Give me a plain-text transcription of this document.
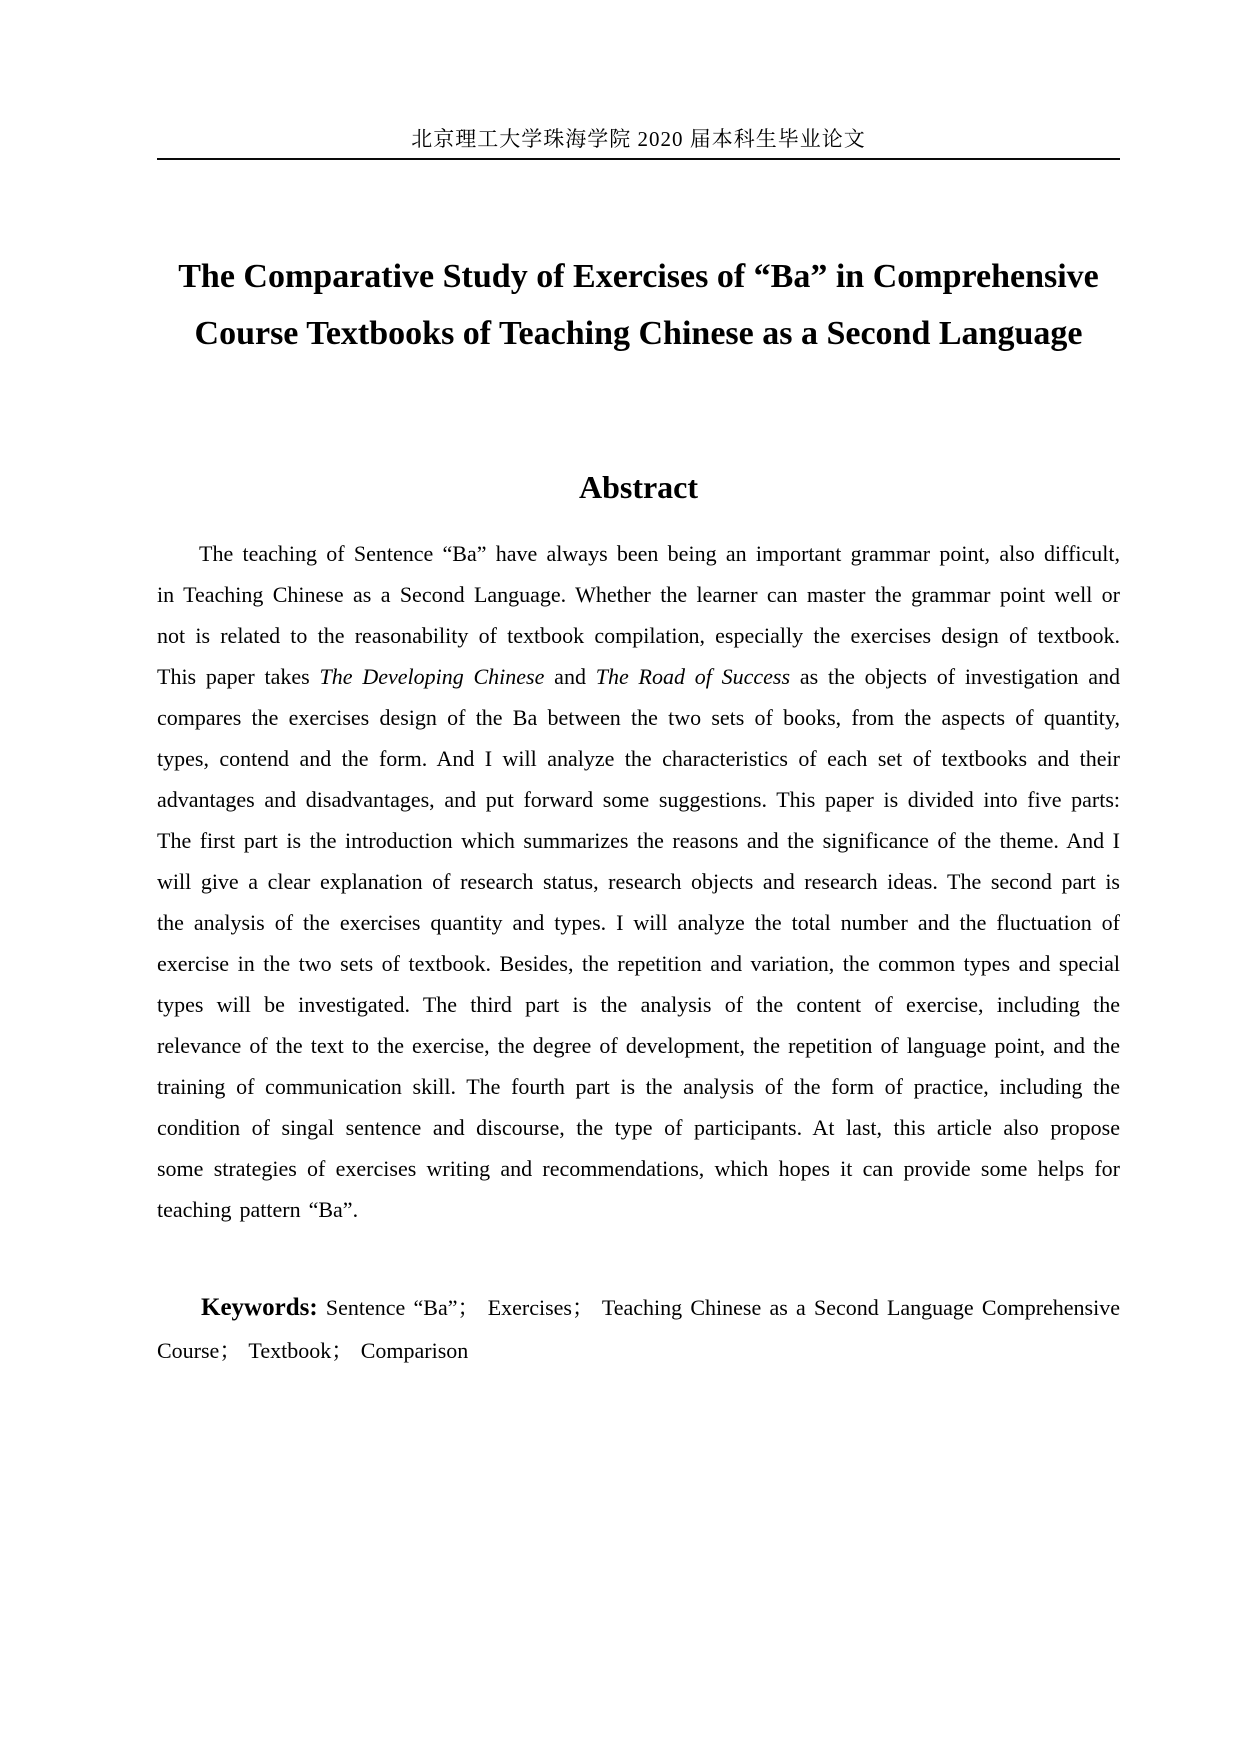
北京理工大学珠海学院 2020 届本科生毕业论文
The Comparative Study of Exercises of “Ba” in Comprehensive
Course Textbooks of Teaching Chinese as a Second Language
Abstract

The teaching of Sentence “Ba” have always been being an important grammar point, also difficult, in Teaching Chinese as a Second Language. Whether the learner can master the grammar point well or not is related to the reasonability of textbook compilation, especially the exercises design of textbook. This paper takes The Developing Chinese and The Road of Success as the objects of investigation and compares the exercises design of the Ba between the two sets of books, from the aspects of quantity, types, contend and the form. And I will analyze the characteristics of each set of textbooks and their advantages and disadvantages, and put forward some suggestions. This paper is divided into five parts: The first part is the introduction which summarizes the reasons and the significance of the theme. And I will give a clear explanation of research status, research objects and research ideas. The second part is the analysis of the exercises quantity and types. I will analyze the total number and the fluctuation of exercise in the two sets of textbook. Besides, the repetition and variation, the common types and special types will be investigated. The third part is the analysis of the content of exercise, including the relevance of the text to the exercise, the degree of development, the repetition of language point, and the training of communication skill. The fourth part is the analysis of the form of practice, including the condition of singal sentence and discourse, the type of participants. At last, this article also propose some strategies of exercises writing and recommendations, which hopes it can provide some helps for teaching pattern “Ba”.

Keywords: Sentence “Ba”； Exercises； Teaching Chinese as a Second Language Comprehensive Course； Textbook； Comparison
